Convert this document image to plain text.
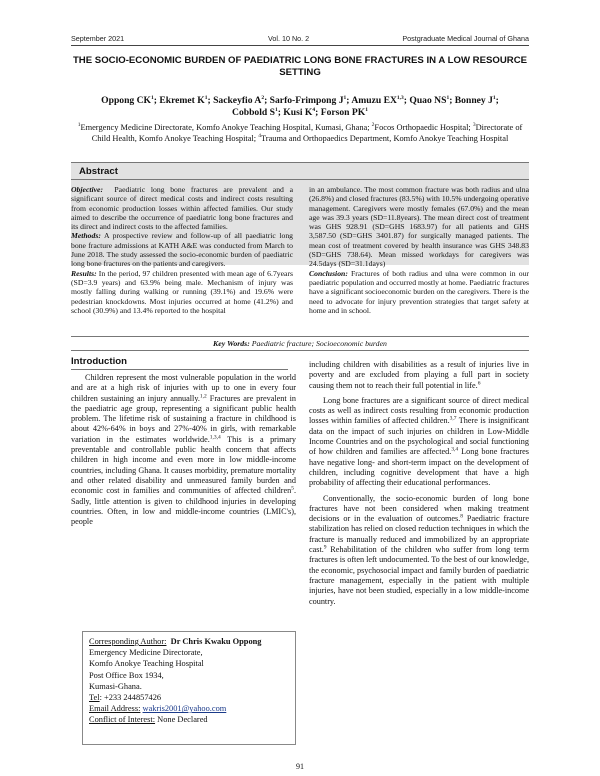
September 2021	Vol. 10 No. 2	Postgraduate Medical Journal of Ghana
THE SOCIO-ECONOMIC BURDEN OF PAEDIATRIC LONG BONE FRACTURES IN A LOW RESOURCE SETTING

Oppong $CK^1$; Ekremet $K^1$; Sackeyfio $A^2$; Sarfo-Frimpong $J^1$; Amuzu EX$^{1,3}$; Quao $NS^1$; Bonney $J^1$;
Cobbold $S^1$; Kusi $K^4$; Forson $PK^1$

$^1$Emergency Medicine Directorate, Komfo Anokye Teaching Hospital, Kumasi, Ghana; $^2$Focos Orthopaedic Hospital; $^3$Directorate of Child Health, Komfo Anokye Teaching Hospital; $^4$Trauma and Orthopaedics Department, Komfo Anokye Teaching Hospital

Abstract

Objective: Paediatric long bone fractures are prevalent and a significant source of direct medical costs and indirect costs resulting from economic production losses within affected families. Our study aimed to describe the occurrence of paediatric long bone fractures and its direct and indirect costs to the affected families.

Methods: A prospective review and follow-up of all paediatric long bone fracture admissions at KATH A&E was conducted from March to June 2018. The study assessed the socio-economic burden of paediatric long bone fractures on the patients and caregivers.

Results: In the period, 97 children presented with mean age of 6.7years (SD=3.9 years) and 63.9% being male. Mechanism of injury was mostly falling during walking or running (39.1%) and 19.6% were pedestrian knockdowns. Most injuries occurred at home (41.2%) and school (30.9%) and 13.4% reported to the hospital

in an ambulance. The most common fracture was both radius and ulna (26.8%) and closed fractures (83.5%) with 10.5% undergoing operative management. Caregivers were mostly females (67.0%) and the mean age was 39.3 years (SD=11.8years). The mean direct cost of treatment was GHS 928.91 (SD=GHS 1683.97) for all patients and GHS 3,587.50 (SD=GHS 3401.87) for surgically managed patients. The mean cost of treatment covered by health insurance was GHS 348.83 (SD=GHS 738.64). Mean missed workdays for caregivers was 24.5days (SD=31.1days)

Conclusion: Fractures of both radius and ulna were common in our paediatric population and occurred mostly at home. Paediatric fractures have a significant socioeconomic burden on the caregivers. There is the need to advocate for injury prevention strategies that target safety at home and in school.

Key Words: Paediatric fracture; Socioeconomic burden

Introduction

Children represent the most vulnerable population in the world and are at a high risk of injuries with up to one in every four children sustaining an injury annually.$^{1,2}$ Fractures are prevalent in the paediatric age group, representing a significant public health problem. The lifetime risk of sustaining a fracture in childhood is about 42%-64% in boys and 27%-40% in girls, with remarkable variation in the estimates worldwide.$^{1,3,4}$ This is a primary preventable and controllable public health concern that affects children in high income and even more in low middle-income countries, including Ghana. It causes morbidity, premature mortality and other related disability and unmeasured family burden and economic cost in families and communities of affected children$^5$. Sadly, little attention is given to childhood injuries in developing countries. Often, in low and middle-income countries (LMIC's), people

including children with disabilities as a result of injuries live in poverty and are excluded from playing a full part in society causing them not to reach their full potential in life.$^6$

Long bone fractures are a significant source of direct medical costs as well as indirect costs resulting from economic production losses within families of affected children.$^{3,7}$ There is insignificant data on the impact of such injuries on children in Low-Middle Income Countries and on the psychological and social functioning of how children and families are affected.$^{3,4}$ Long bone fractures have negative long- and short-term impact on the development of children, including cognitive development that have a high probability of affecting their educational performances.

Conventionally, the socio-economic burden of long bone fractures have not been considered when making treatment decisions or in the evaluation of outcomes.$^8$ Paediatric fracture stabilization has relied on closed reduction techniques in which the fracture is manually reduced and immobilized by an appropriate cast.$^9$ Rehabilitation of the children who suffer from long term fractures is often left undocumented. To the best of our knowledge, the economic, psychosocial impact and family burden of paediatric fracture management, especially in the patient with multiple injuries, have not been studied, especially in a low middle-income country.

Corresponding Author: Dr Chris Kwaku Oppong
Emergency Medicine Directorate,
Komfo Anokye Teaching Hospital
Post Office Box 1934,
Kumasi-Ghana.
Tel: +233 244857426
Email Address: wakris2001@yahoo.com
Conflict of Interest: None Declared

91
